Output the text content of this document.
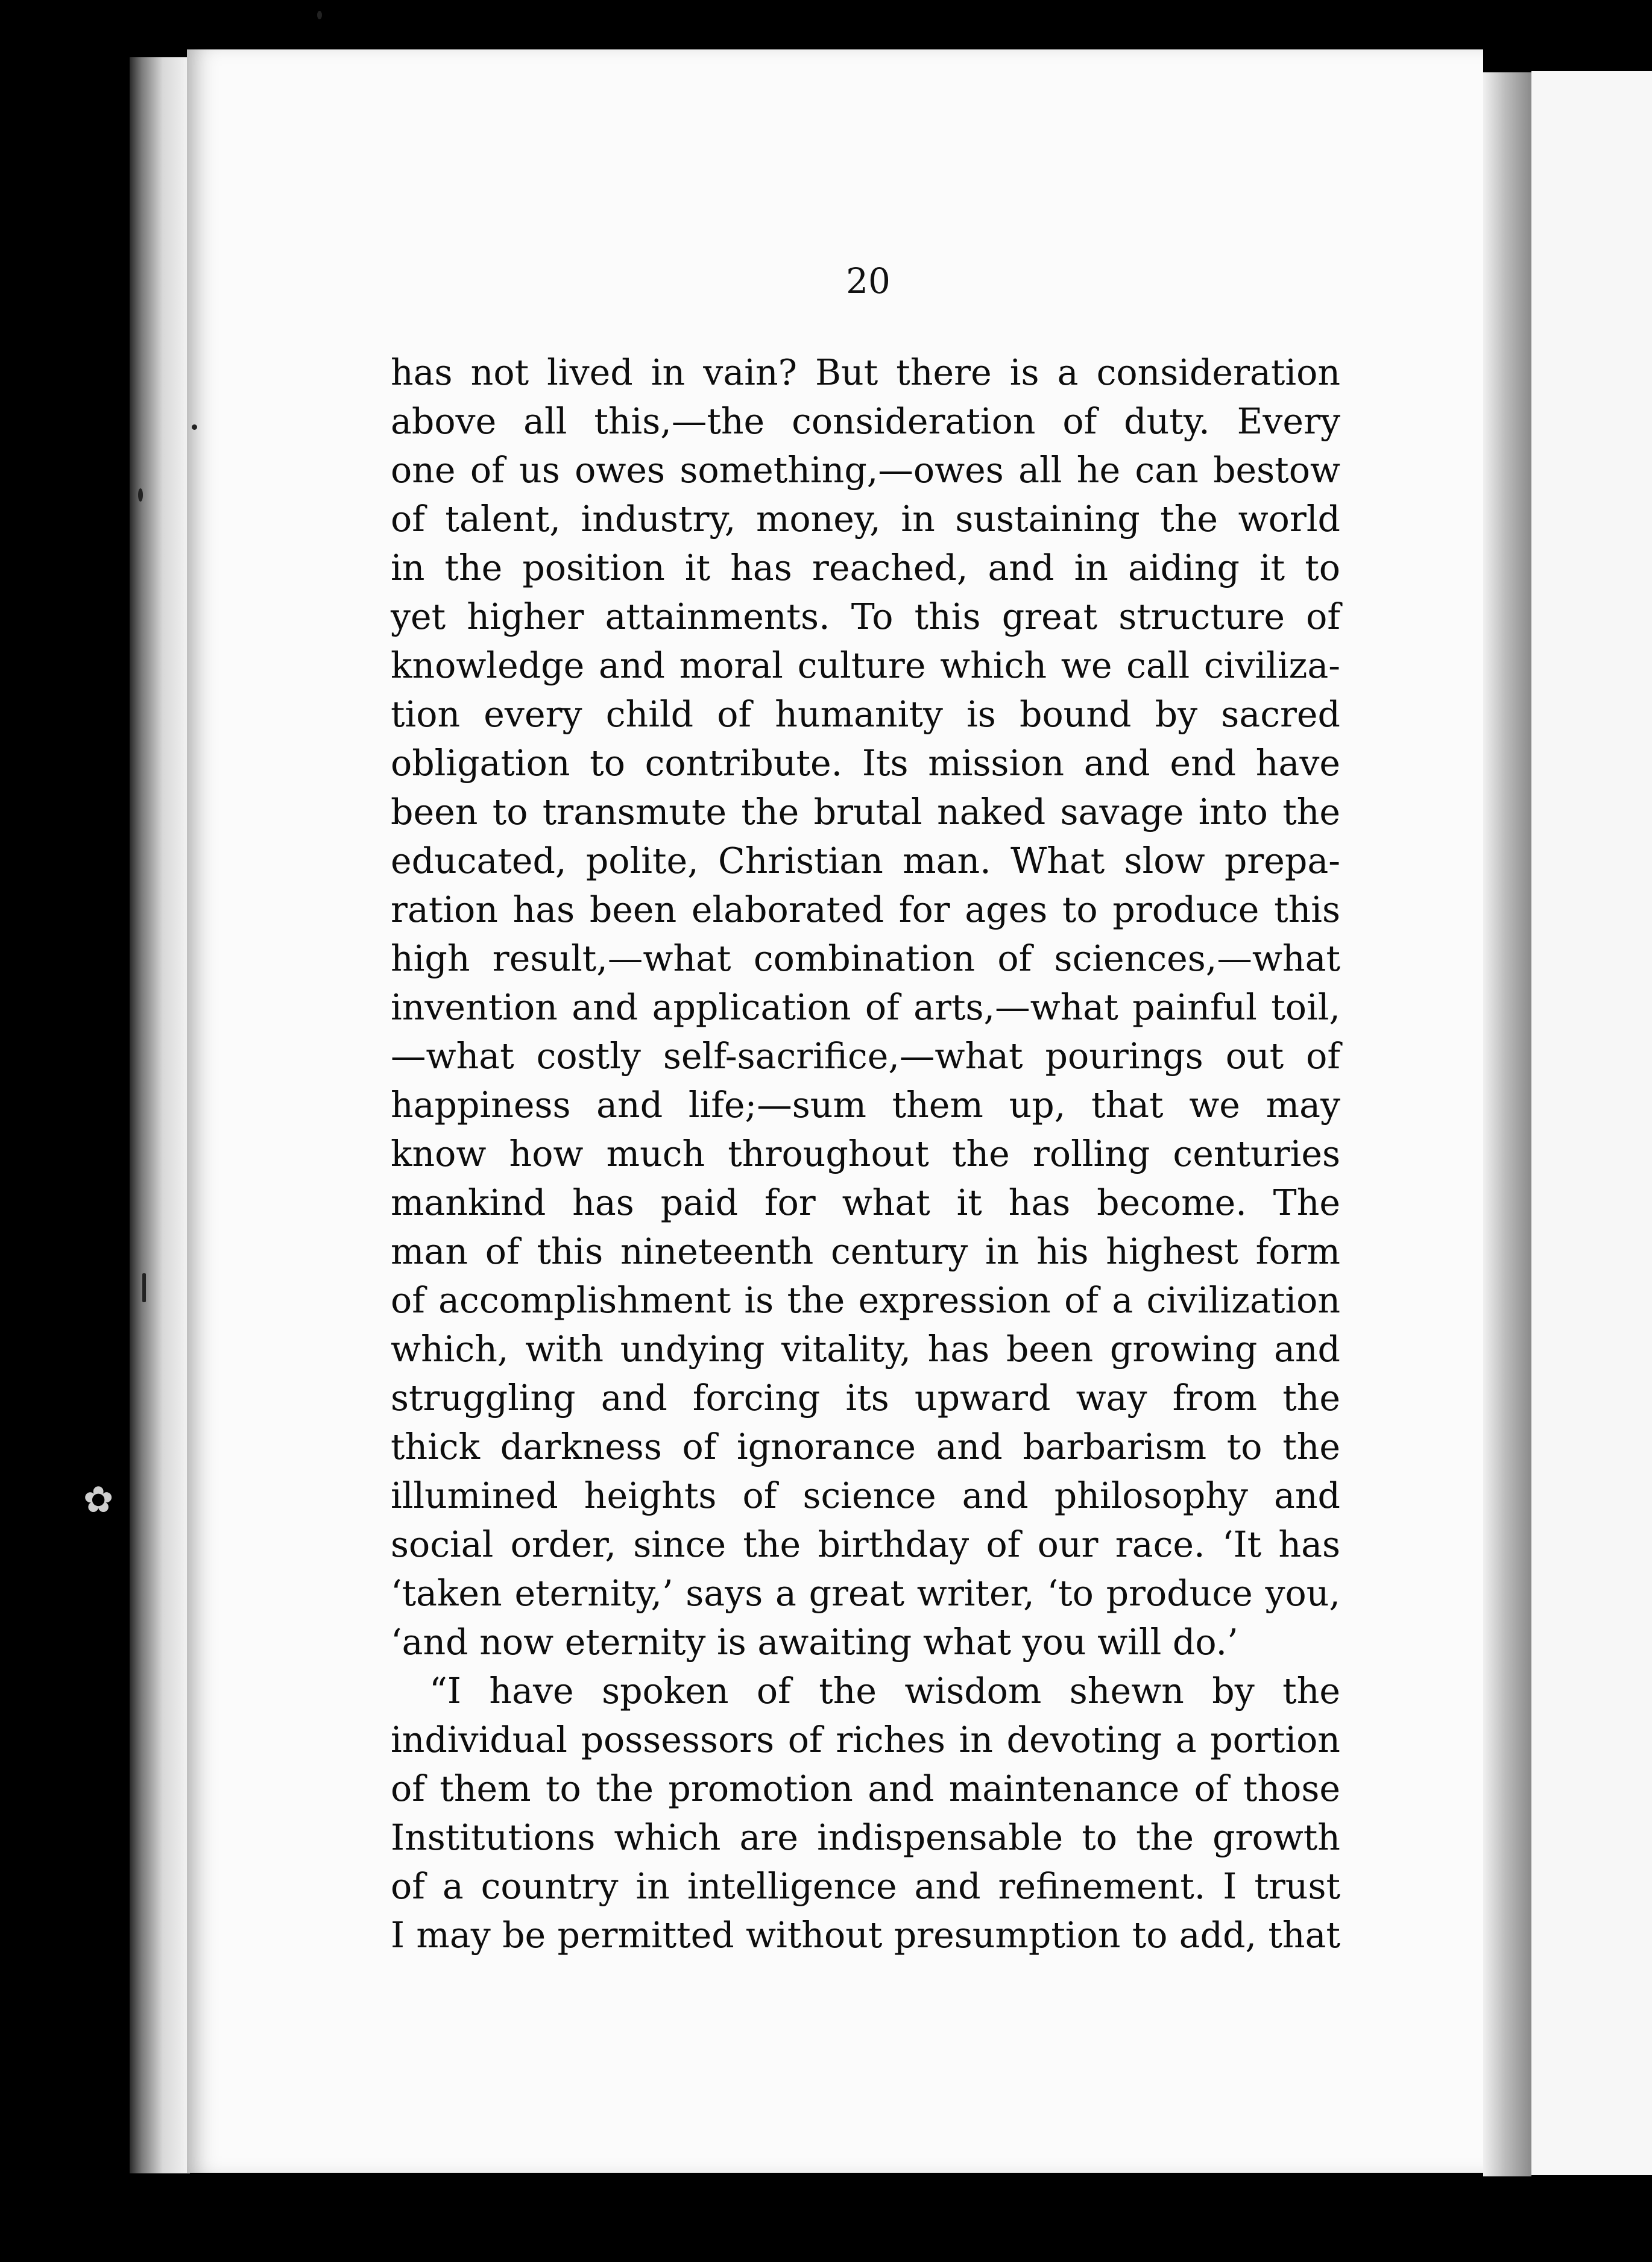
✿

20

has not lived in vain? But there is a consideration
above all this,—the consideration of duty. Every
one of us owes something,—owes all he can bestow
of talent, industry, money, in sustaining the world
in the position it has reached, and in aiding it to
yet higher attainments. To this great structure of
knowledge and moral culture which we call civiliza-
tion every child of humanity is bound by sacred
obligation to contribute. Its mission and end have
been to transmute the brutal naked savage into the
educated, polite, Christian man. What slow prepa-
ration has been elaborated for ages to produce this
high result,—what combination of sciences,—what
invention and application of arts,—what painful toil,
—what costly self-sacrifice,—what pourings out of
happiness and life;—sum them up, that we may
know how much throughout the rolling centuries
mankind has paid for what it has become. The
man of this nineteenth century in his highest form
of accomplishment is the expression of a civilization
which, with undying vitality, has been growing and
struggling and forcing its upward way from the
thick darkness of ignorance and barbarism to the
illumined heights of science and philosophy and
social order, since the birthday of our race. ‘It has
‘taken eternity,’ says a great writer, ‘to produce you,
‘and now eternity is awaiting what you will do.’
“I have spoken of the wisdom shewn by the
individual possessors of riches in devoting a portion
of them to the promotion and maintenance of those
Institutions which are indispensable to the growth
of a country in intelligence and refinement. I trust
I may be permitted without presumption to add, that
